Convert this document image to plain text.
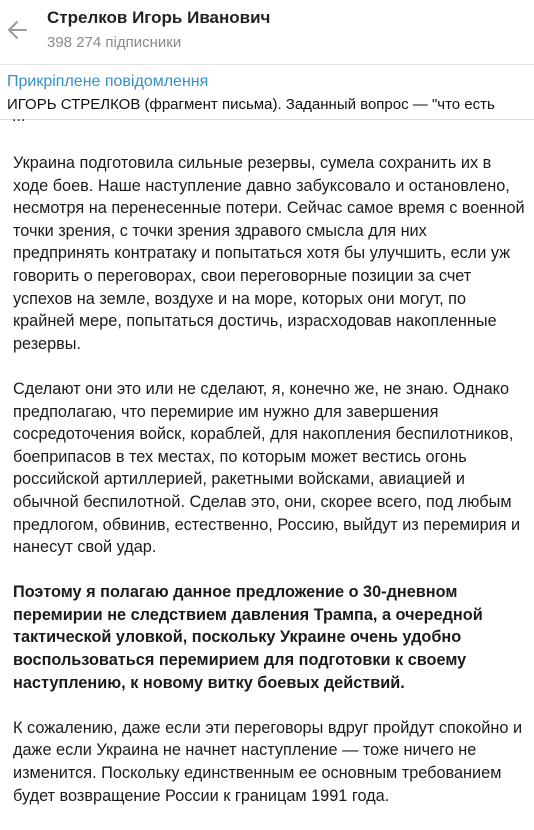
Стрелков Игорь Иванович
398 274 підписники
Прикріплене повідомлення
ИГОРЬ СТРЕЛКОВ (фрагмент письма). Заданный вопрос — "что есть
...

Украина подготовила сильные резервы, сумела сохранить их в ходе боев. Наше наступление давно забуксовало и остановлено, несмотря на перенесенные потери. Сейчас самое время с военной точки зрения, с точки зрения здравого смысла для них предпринять контратаку и попытаться хотя бы улучшить, если уж говорить о переговорах, свои переговорные позиции за счет успехов на земле, воздухе и на море, которых они могут, по крайней мере, попытаться достичь, израсходовав накопленные резервы.

Сделают они это или не сделают, я, конечно же, не знаю. Однако предполагаю, что перемирие им нужно для завершения сосредоточения войск, кораблей, для накопления беспилотников, боеприпасов в тех местах, по которым может вестись огонь российской артиллерией, ракетными войсками, авиацией и обычной беспилотной. Сделав это, они, скорее всего, под любым предлогом, обвинив, естественно, Россию, выйдут из перемирия и нанесут свой удар.

Поэтому я полагаю данное предложение о 30-дневном перемирии не следствием давления Трампа, а очередной тактической уловкой, поскольку Украине очень удобно воспользоваться перемирием для подготовки к своему наступлению, к новому витку боевых действий.

К сожалению, даже если эти переговоры вдруг пройдут спокойно и даже если Украина не начнет наступление — тоже ничего не изменится. Поскольку единственным ее основным требованием будет возвращение России к границам 1991 года.
